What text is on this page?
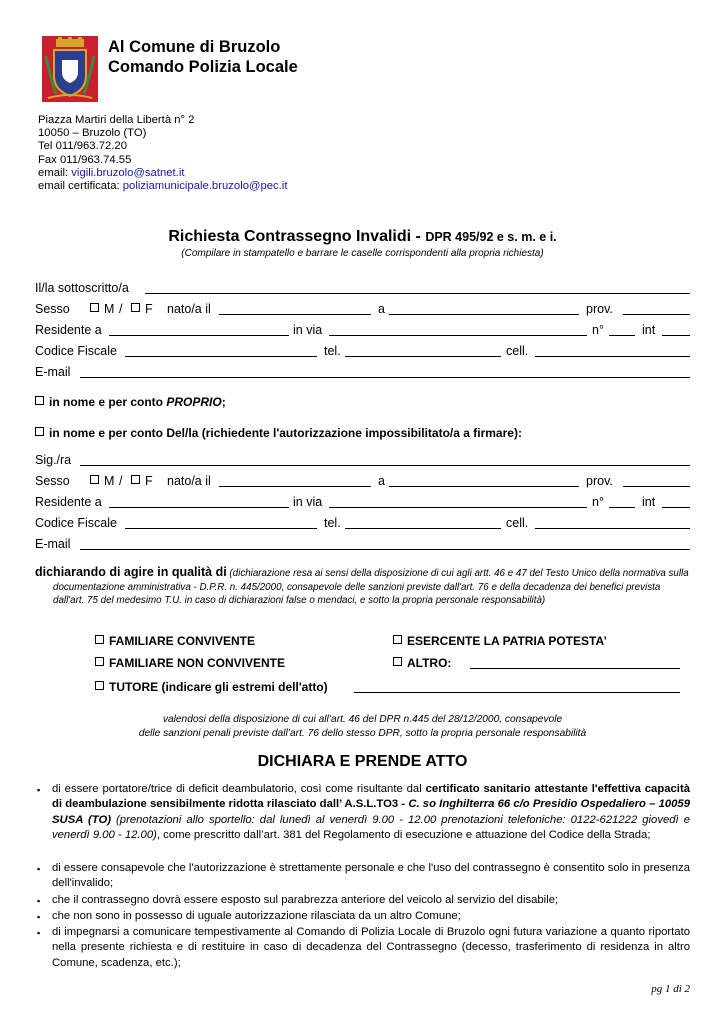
Al Comune di Bruzolo
Comando Polizia Locale
Piazza Martiri della Libertà n° 2
10050 – Bruzolo (TO)
Tel 011/963.72.20
Fax 011/963.74.55
email: vigili.bruzolo@satnet.it
email certificata: poliziamunicipale.bruzolo@pec.it
Richiesta Contrassegno Invalidi - DPR 495/92 e s. m. e i.
(Compilare in stampatello e barrare le caselle corrispondenti alla propria richiesta)
Il/la sottoscritto/a
Sesso	M /	F nato/a il	a	prov.
Residente a	in via	n°	int
Codice Fiscale	tel.	cell.
E-mail
in nome e per conto PROPRIO;
in nome e per conto Del/la (richiedente l'autorizzazione impossibilitato/a a firmare):
Sig./ra
Sesso	M /	F nato/a il	a	prov.
Residente a	in via	n°	int
Codice Fiscale	tel.	cell.
E-mail
dichiarando di agire in qualità di (dichiarazione resa ai sensi della disposizione di cui agli artt. 46 e 47 del Testo Unico della normativa sulla documentazione amministrativa - D.P.R. n. 445/2000, consapevole delle sanzioni previste dall'art. 76 e della decadenza dei benefici prevista dall'art. 75 del medesimo T.U. in caso di dichiarazioni false o mendaci, e sotto la propria personale responsabilità)
FAMILIARE CONVIVENTE	ESERCENTE LA PATRIA POTESTA’
FAMILIARE NON CONVIVENTE	ALTRO:
TUTORE (indicare gli estremi dell'atto)
valendosi della disposizione di cui all’art. 46 del DPR n.445 del 28/12/2000, consapevole
delle sanzioni penali previste dall’art. 76 dello stesso DPR, sotto la propria personale responsabilità
DICHIARA E PRENDE ATTO
▪ di essere portatore/trice di deficit deambulatorio, così come risultante dal certificato sanitario attestante l'effettiva capacità di deambulazione sensibilmente ridotta rilasciato dall’ A.S.L.TO3 - C. so Inghilterra 66 c/o Presidio Ospedaliero – 10059 SUSA (TO) (prenotazioni allo sportello: dal lunedì al venerdì 9.00 - 12.00 prenotazioni telefoniche: 0122-621222 giovedì e venerdì 9.00 - 12.00), come prescritto dall’art. 381 del Regolamento di esecuzione e attuazione del Codice della Strada;
▪ di essere consapevole che l'autorizzazione è strettamente personale e che l'uso del contrassegno è consentito solo in presenza dell'invalido;
▪ che il contrassegno dovrà essere esposto sul parabrezza anteriore del veicolo al servizio del disabile;
▪ che non sono in possesso di uguale autorizzazione rilasciata da un altro Comune;
▪ di impegnarsi a comunicare tempestivamente al Comando di Polizia Locale di Bruzolo ogni futura variazione a quanto riportato nella presente richiesta e di restituire in caso di decadenza del Contrassegno (decesso, trasferimento di residenza in altro Comune, scadenza, etc.);
pg 1 di 2
